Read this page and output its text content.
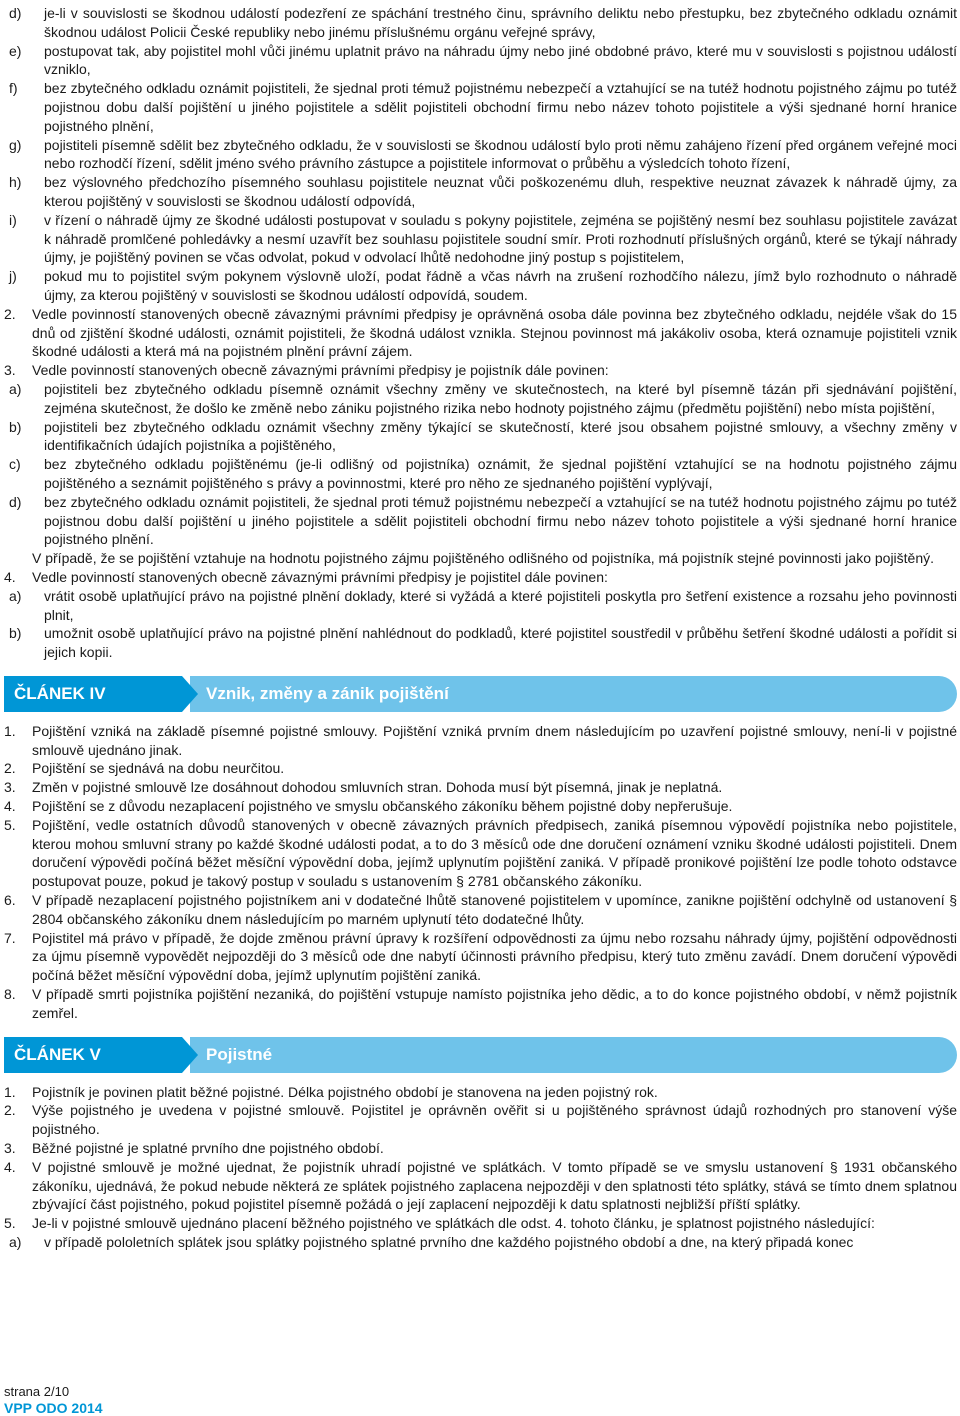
d)	je-li v souvislosti se škodnou událostí podezření ze spáchání trestného činu, správního deliktu nebo přestupku, bez zbytečného odkladu oznámit škodnou událost Policii České republiky nebo jinému příslušnému orgánu veřejné správy,
e)	postupovat tak, aby pojistitel mohl vůči jinému uplatnit právo na náhradu újmy nebo jiné obdobné právo, které mu v souvislosti s pojistnou událostí vzniklo,
f)	bez zbytečného odkladu oznámit pojistiteli, že sjednal proti témuž pojistnému nebezpečí a vztahující se na tutéž hodnotu pojistného zájmu po tutéž pojistnou dobu další pojištění u jiného pojistitele a sdělit pojistiteli obchodní firmu nebo název tohoto pojistitele a výši sjednané horní hranice pojistného plnění,
g)	pojistiteli písemně sdělit bez zbytečného odkladu, že v souvislosti se škodnou událostí bylo proti němu zahájeno řízení před orgánem veřejné moci nebo rozhodčí řízení, sdělit jméno svého právního zástupce a pojistitele informovat o průběhu a výsledcích tohoto řízení,
h)	bez výslovného předchozího písemného souhlasu pojistitele neuznat vůči poškozenému dluh, respektive neuznat závazek k náhradě újmy, za kterou pojištěný v souvislosti se škodnou událostí odpovídá,
i)	v řízení o náhradě újmy ze škodné události postupovat v souladu s pokyny pojistitele, zejména se pojištěný nesmí bez souhlasu pojistitele zavázat k náhradě promlčené pohledávky a nesmí uzavřít bez souhlasu pojistitele soudní smír. Proti rozhodnutí příslušných orgánů, které se týkají náhrady újmy, je pojištěný povinen se včas odvolat, pokud v odvolací lhůtě nedohodne jiný postup s pojistitelem,
j)	pokud mu to pojistitel svým pokynem výslovně uloží, podat řádně a včas návrh na zrušení rozhodčího nálezu, jímž bylo rozhodnuto o náhradě újmy, za kterou pojištěný v souvislosti se škodnou událostí odpovídá, soudem.
2.	Vedle povinností stanovených obecně závaznými právními předpisy je oprávněná osoba dále povinna bez zbytečného odkladu, nejdéle však do 15 dnů od zjištění škodné události, oznámit pojistiteli, že škodná událost vznikla. Stejnou povinnost má jakákoliv osoba, která oznamuje pojistiteli vznik škodné události a která má na pojistném plnění právní zájem.
3.	Vedle povinností stanovených obecně závaznými právními předpisy je pojistník dále povinen:
a)	pojistiteli bez zbytečného odkladu písemně oznámit všechny změny ve skutečnostech, na které byl písemně tázán při sjednávání pojištění, zejména skutečnost, že došlo ke změně nebo zániku pojistného rizika nebo hodnoty pojistného zájmu (předmětu pojištění) nebo místa pojištění,
b)	pojistiteli bez zbytečného odkladu oznámit všechny změny týkající se skutečností, které jsou obsahem pojistné smlouvy, a všechny změny v identifikačních údajích pojistníka a pojištěného,
c)	bez zbytečného odkladu pojištěnému (je-li odlišný od pojistníka) oznámit, že sjednal pojištění vztahující se na hodnotu pojistného zájmu pojištěného a seznámit pojištěného s právy a povinnostmi, které pro něho ze sjednaného pojištění vyplývají,
d)	bez zbytečného odkladu oznámit pojistiteli, že sjednal proti témuž pojistnému nebezpečí a vztahující se na tutéž hodnotu pojistného zájmu po tutéž pojistnou dobu další pojištění u jiného pojistitele a sdělit pojistiteli obchodní firmu nebo název tohoto pojistitele a výši sjednané horní hranice pojistného plnění.
V případě, že se pojištění vztahuje na hodnotu pojistného zájmu pojištěného odlišného od pojistníka, má pojistník stejné povinnosti jako pojištěný.
4.	Vedle povinností stanovených obecně závaznými právními předpisy je pojistitel dále povinen:
a)	vrátit osobě uplatňující právo na pojistné plnění doklady, které si vyžádá a které pojistiteli poskytla pro šetření existence a rozsahu jeho povinnosti plnit,
b)	umožnit osobě uplatňující právo na pojistné plnění nahlédnout do podkladů, které pojistitel soustředil v průběhu šetření škodné události a pořídit si jejich kopii.
ČLÁNEK IV	Vznik, změny a zánik pojištění
1.	Pojištění vzniká na základě písemné pojistné smlouvy. Pojištění vzniká prvním dnem následujícím po uzavření pojistné smlouvy, není-li v pojistné smlouvě ujednáno jinak.
2.	Pojištění se sjednává na dobu neurčitou.
3.	Změn v pojistné smlouvě lze dosáhnout dohodou smluvních stran. Dohoda musí být písemná, jinak je neplatná.
4.	Pojištění se z důvodu nezaplacení pojistného ve smyslu občanského zákoníku během pojistné doby nepřerušuje.
5.	Pojištění, vedle ostatních důvodů stanovených v obecně závazných právních předpisech, zaniká písemnou výpovědí pojistníka nebo pojistitele, kterou mohou smluvní strany po každé škodné události podat, a to do 3 měsíců ode dne doručení oznámení vzniku škodné události pojistiteli. Dnem doručení výpovědi počíná běžet měsíční výpovědní doba, jejímž uplynutím pojištění zaniká. V případě pronikové pojištění lze podle tohoto odstavce postupovat pouze, pokud je takový postup v souladu s ustanovením § 2781 občanského zákoníku.
6.	V případě nezaplacení pojistného pojistníkem ani v dodatečné lhůtě stanovené pojistitelem v upomínce, zanikne pojištění odchylně od ustanovení § 2804 občanského zákoníku dnem následujícím po marném uplynutí této dodatečné lhůty.
7.	Pojistitel má právo v případě, že dojde změnou právní úpravy k rozšíření odpovědnosti za újmu nebo rozsahu náhrady újmy, pojištění odpovědnosti za újmu písemně vypovědět nejpozději do 3 měsíců ode dne nabytí účinnosti právního předpisu, který tuto změnu zavádí. Dnem doručení výpovědi počíná běžet měsíční výpovědní doba, jejímž uplynutím pojištění zaniká.
8.	V případě smrti pojistníka pojištění nezaniká, do pojištění vstupuje namísto pojistníka jeho dědic, a to do konce pojistného období, v němž pojistník zemřel.
ČLÁNEK V	Pojistné
1.	Pojistník je povinen platit běžné pojistné. Délka pojistného období je stanovena na jeden pojistný rok.
2.	Výše pojistného je uvedena v pojistné smlouvě. Pojistitel je oprávněn ověřit si u pojištěného správnost údajů rozhodných pro stanovení výše pojistného.
3.	Běžné pojistné je splatné prvního dne pojistného období.
4.	V pojistné smlouvě je možné ujednat, že pojistník uhradí pojistné ve splátkách. V tomto případě se ve smyslu ustanovení § 1931 občanského zákoníku, ujednává, že pokud nebude některá ze splátek pojistného zaplacena nejpozději v den splatnosti této splátky, stává se tímto dnem splatnou zbývající část pojistného, pokud pojistitel písemně požádá o její zaplacení nejpozději k datu splatnosti nejbližší příští splátky.
5.	Je-li v pojistné smlouvě ujednáno placení běžného pojistného ve splátkách dle odst. 4. tohoto článku, je splatnost pojistného následující:
a)	v případě pololetních splátek jsou splátky pojistného splatné prvního dne každého pojistného období a dne, na který připadá konec
strana 2/10
VPP ODO 2014
